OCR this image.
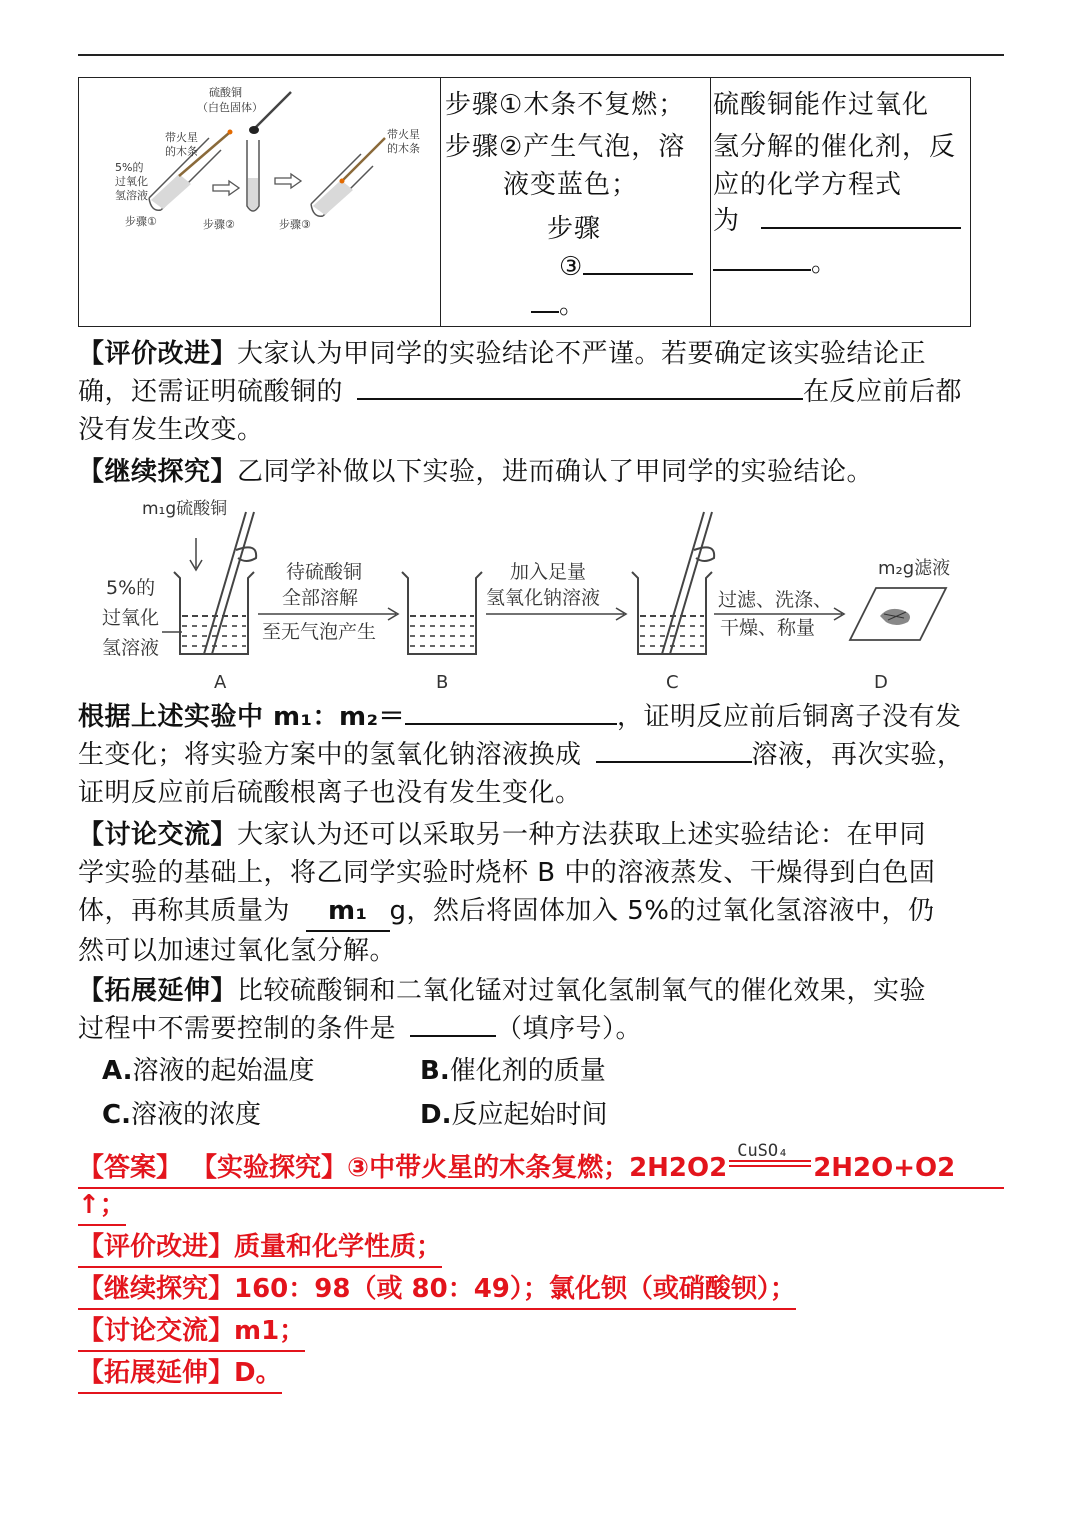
硫酸铜
（白色固体）
带火星
的木条
5%的
过氧化
氢溶液
带火星
的木条
步骤①	步骤②	步骤③
步骤①木条不复燃；
步骤②产生气泡，溶
液变蓝色；
步骤
③
。
硫酸铜能作过氧化
氢分解的催化剂，反
应的化学方程式
为
。
【评价改进】大家认为甲同学的实验结论不严谨。若要确定该实验结论正
确，还需证明硫酸铜的	在反应前后都
没有发生改变。
【继续探究】乙同学补做以下实验，进而确认了甲同学的实验结论。
m₁g硫酸铜
5%的
过氧化
氢溶液
待硫酸铜
全部溶解
至无气泡产生
加入足量
氢氧化钠溶液	过滤、洗涤、
干燥、称量
m₂g滤液
A	B	C	D
根据上述实验中 m₁：m₂＝	，证明反应前后铜离子没有发
生变化；将实验方案中的氢氧化钠溶液换成	溶液，再次实验，
证明反应前后硫酸根离子也没有发生变化。
【讨论交流】大家认为还可以采取另一种方法获取上述实验结论：在甲同
学实验的基础上，将乙同学实验时烧杯 B 中的溶液蒸发、干燥得到白色固
体，再称其质量为 m₁ g，然后将固体加入 5%的过氧化氢溶液中，仍
然可以加速过氧化氢分解。
【拓展延伸】比较硫酸铜和二氧化锰对过氧化氢制氧气的催化效果，实验
过程中不需要控制的条件是	（填序号）。
A.溶液的起始温度	B.催化剂的质量
C.溶液的浓度	D.反应起始时间
【答案】 【实验探究】③中带火星的木条复燃；2H2O2
CuSO₄
2H2O+O2
↑；
【评价改进】质量和化学性质；
【继续探究】160：98（或 80：49）；氯化钡（或硝酸钡）；
【讨论交流】m1；
【拓展延伸】D。
